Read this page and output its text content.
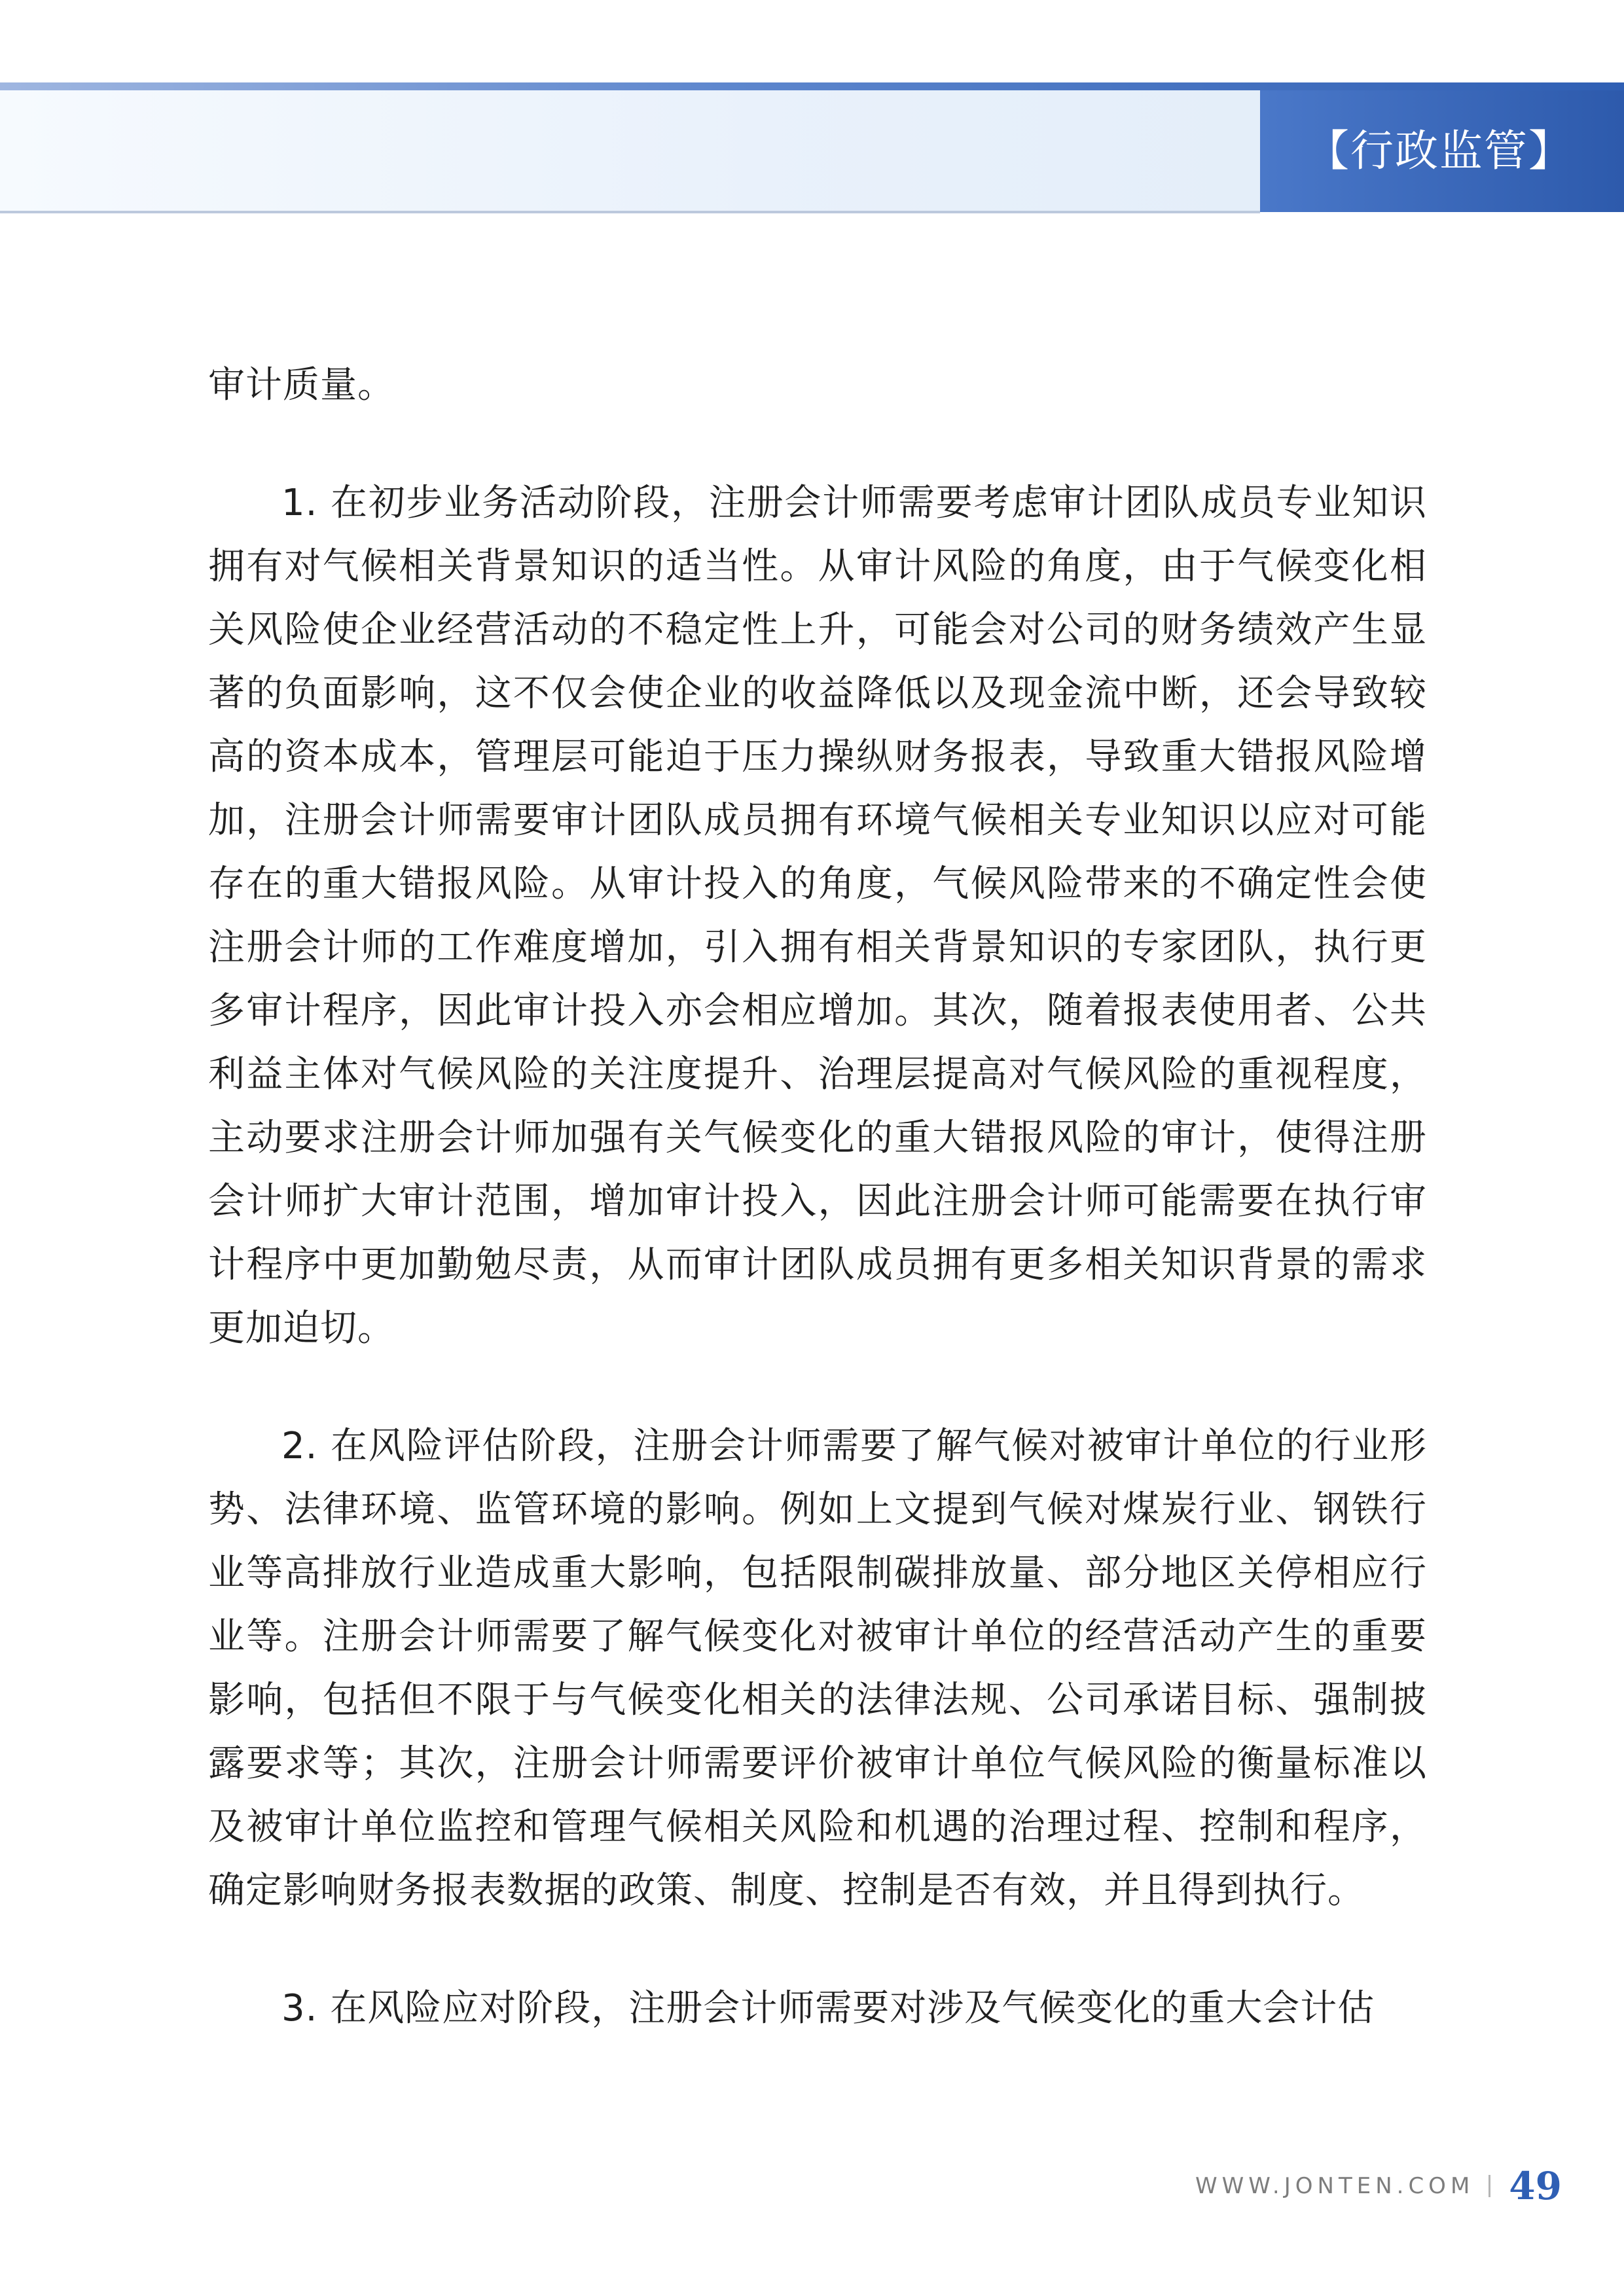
【行政监管】

审计质量。

1. 在初步业务活动阶段，注册会计师需要考虑审计团队成员专业知识拥有对气候相关背景知识的适当性。从审计风险的角度，由于气候变化相关风险使企业经营活动的不稳定性上升，可能会对公司的财务绩效产生显著的负面影响，这不仅会使企业的收益降低以及现金流中断，还会导致较高的资本成本，管理层可能迫于压力操纵财务报表，导致重大错报风险增加，注册会计师需要审计团队成员拥有环境气候相关专业知识以应对可能存在的重大错报风险。从审计投入的角度，气候风险带来的不确定性会使注册会计师的工作难度增加，引入拥有相关背景知识的专家团队，执行更多审计程序，因此审计投入亦会相应增加。其次，随着报表使用者、公共利益主体对气候风险的关注度提升、治理层提高对气候风险的重视程度，主动要求注册会计师加强有关气候变化的重大错报风险的审计，使得注册会计师扩大审计范围，增加审计投入，因此注册会计师可能需要在执行审计程序中更加勤勉尽责，从而审计团队成员拥有更多相关知识背景的需求更加迫切。

2. 在风险评估阶段，注册会计师需要了解气候对被审计单位的行业形势、法律环境、监管环境的影响。例如上文提到气候对煤炭行业、钢铁行业等高排放行业造成重大影响，包括限制碳排放量、部分地区关停相应行业等。注册会计师需要了解气候变化对被审计单位的经营活动产生的重要影响，包括但不限于与气候变化相关的法律法规、公司承诺目标、强制披露要求等；其次，注册会计师需要评价被审计单位气候风险的衡量标准以及被审计单位监控和管理气候相关风险和机遇的治理过程、控制和程序，确定影响财务报表数据的政策、制度、控制是否有效，并且得到执行。

3. 在风险应对阶段，注册会计师需要对涉及气候变化的重大会计估

WWW.JONTEN.COM 49
